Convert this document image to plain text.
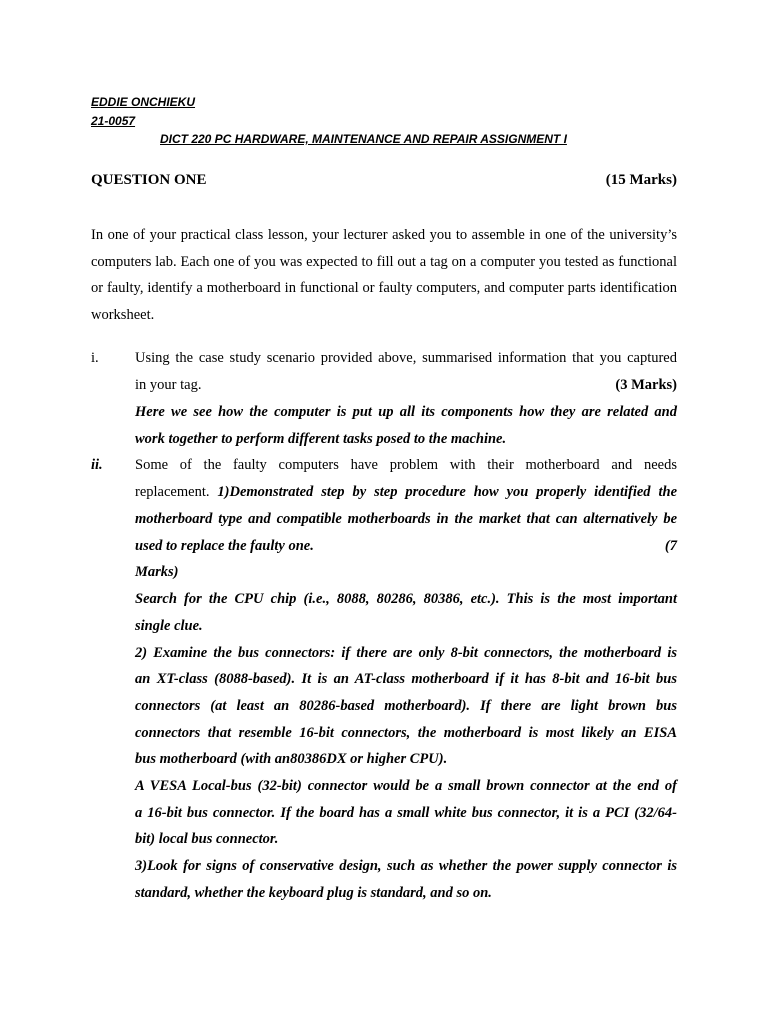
EDDIE ONCHIEKU
21-0057
DICT 220 PC HARDWARE, MAINTENANCE AND REPAIR ASSIGNMENT I
QUESTION ONE	(15 Marks)
In one of your practical class lesson, your lecturer asked you to assemble in one of the university’s computers lab. Each one of you was expected to fill out a tag on a computer you tested as functional or faulty, identify a motherboard in functional or faulty computers, and computer parts identification worksheet.
i.	Using the case study scenario provided above, summarised information that you captured
in your tag.	(3 Marks)
Here we see how the computer is put up all its components how they are related and
work together to perform different tasks posed to the machine.
ii. Some of the faulty computers have problem with their motherboard and needs
replacement. 1)Demonstrated step by step procedure how you properly identified the
motherboard type and compatible motherboards in the market that can alternatively be
used to replace the faulty one.	(7
Marks)
Search for the CPU chip (i.e., 8088, 80286, 80386, etc.). This is the most important
single clue.
2) Examine the bus connectors: if there are only 8-bit connectors, the motherboard is
an XT-class (8088-based). It is an AT-class motherboard if it has 8-bit and 16-bit bus
connectors (at least an 80286-based motherboard). If there are light brown bus
connectors that resemble 16-bit connectors, the motherboard is most likely an EISA
bus motherboard (with an80386DX or higher CPU).
A VESA Local-bus (32-bit) connector would be a small brown connector at the end of
a 16-bit bus connector. If the board has a small white bus connector, it is a PCI (32/64-
bit) local bus connector.
3)Look for signs of conservative design, such as whether the power supply connector is
standard, whether the keyboard plug is standard, and so on.
